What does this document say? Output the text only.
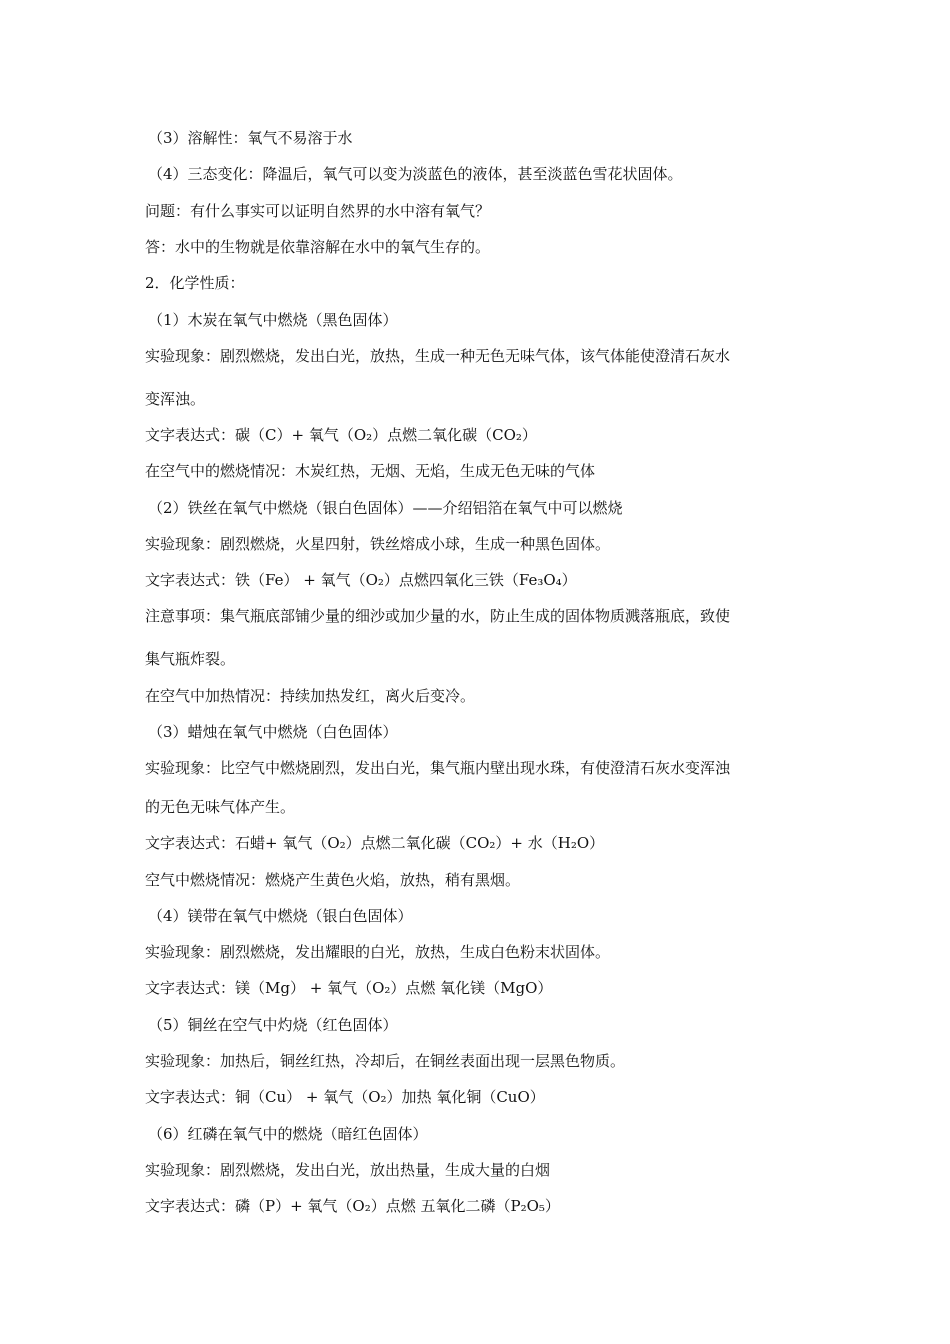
（3）溶解性：氧气不易溶于水
（4）三态变化：降温后，氧气可以变为淡蓝色的液体，甚至淡蓝色雪花状固体。
问题：有什么事实可以证明自然界的水中溶有氧气？
答：水中的生物就是依靠溶解在水中的氧气生存的。
2．化学性质：
（1）木炭在氧气中燃烧（黑色固体）
实验现象：剧烈燃烧，发出白光，放热，生成一种无色无味气体，该气体能使澄清石灰水
变浑浊。
文字表达式：碳（C）+ 氧气（O₂）点燃二氧化碳（CO₂）
在空气中的燃烧情况：木炭红热，无烟、无焰，生成无色无味的气体
（2）铁丝在氧气中燃烧（银白色固体）——介绍铝箔在氧气中可以燃烧
实验现象：剧烈燃烧，火星四射，铁丝熔成小球，生成一种黑色固体。
文字表达式：铁（Fe） + 氧气（O₂）点燃四氧化三铁（Fe₃O₄）
注意事项：集气瓶底部铺少量的细沙或加少量的水，防止生成的固体物质溅落瓶底，致使
集气瓶炸裂。
在空气中加热情况：持续加热发红，离火后变冷。
（3）蜡烛在氧气中燃烧（白色固体）
实验现象：比空气中燃烧剧烈，发出白光，集气瓶内壁出现水珠，有使澄清石灰水变浑浊
的无色无味气体产生。
文字表达式：石蜡+ 氧气（O₂）点燃二氧化碳（CO₂）+ 水（H₂O）
空气中燃烧情况：燃烧产生黄色火焰，放热，稍有黑烟。
（4）镁带在氧气中燃烧（银白色固体）
实验现象：剧烈燃烧，发出耀眼的白光，放热，生成白色粉末状固体。
文字表达式：镁（Mg） + 氧气（O₂）点燃 氧化镁（MgO）
（5）铜丝在空气中灼烧（红色固体）
实验现象：加热后，铜丝红热，冷却后，在铜丝表面出现一层黑色物质。
文字表达式：铜（Cu） + 氧气（O₂）加热 氧化铜（CuO）
（6）红磷在氧气中的燃烧（暗红色固体）
实验现象：剧烈燃烧，发出白光，放出热量，生成大量的白烟
文字表达式：磷（P）+ 氧气（O₂）点燃 五氧化二磷（P₂O₅）
